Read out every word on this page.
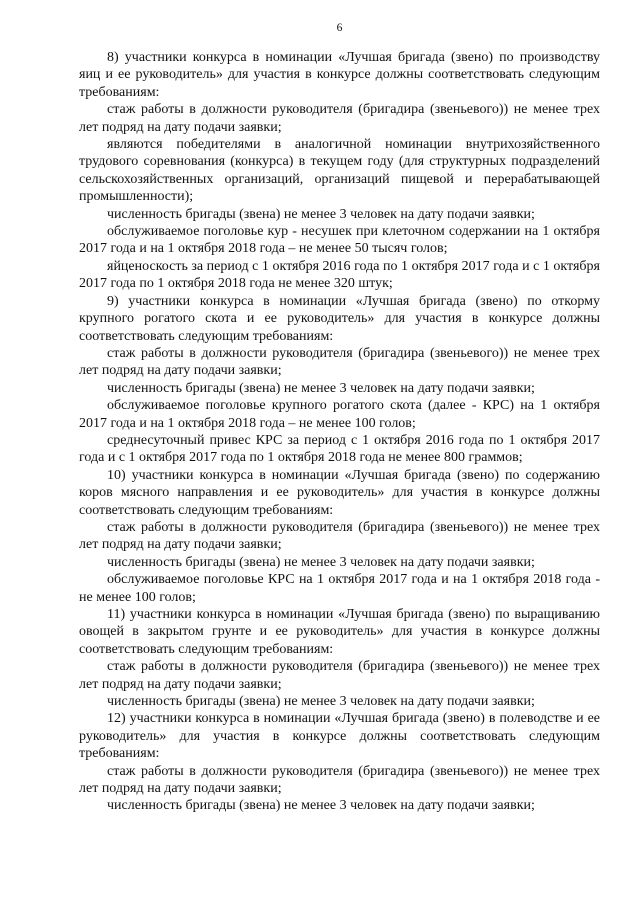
6

8) участники конкурса в номинации «Лучшая бригада (звено) по производству яиц и ее руководитель» для участия в конкурсе должны соответствовать следующим требованиям:

стаж работы в должности руководителя (бригадира (звеньевого)) не менее трех лет подряд на дату подачи заявки;

являются победителями в аналогичной номинации внутрихозяйственного трудового соревнования (конкурса) в текущем году (для структурных подразделений сельскохозяйственных организаций, организаций пищевой и перерабатывающей промышленности);

численность бригады (звена) не менее 3 человек на дату подачи заявки;

обслуживаемое поголовье кур - несушек при клеточном содержании на 1 октября 2017 года и на 1 октября 2018 года – не менее 50 тысяч голов;

яйценоскость за период с 1 октября 2016 года по 1 октября 2017 года и с 1 октября 2017 года по 1 октября 2018 года не менее 320 штук;

9) участники конкурса в номинации «Лучшая бригада (звено) по откорму крупного рогатого скота и ее руководитель» для участия в конкурсе должны соответствовать следующим требованиям:

стаж работы в должности руководителя (бригадира (звеньевого)) не менее трех лет подряд на дату подачи заявки;

численность бригады (звена) не менее 3 человек на дату подачи заявки;

обслуживаемое поголовье крупного рогатого скота (далее - КРС) на 1 октября 2017 года и на 1 октября 2018 года – не менее 100 голов;

среднесуточный привес КРС за период с 1 октября 2016 года по 1 октября 2017 года и с 1 октября 2017 года по 1 октября 2018 года не менее 800 граммов;

10) участники конкурса в номинации «Лучшая бригада (звено) по содержанию коров мясного направления и ее руководитель» для участия в конкурсе должны соответствовать следующим требованиям:

стаж работы в должности руководителя (бригадира (звеньевого)) не менее трех лет подряд на дату подачи заявки;

численность бригады (звена) не менее 3 человек на дату подачи заявки;

обслуживаемое поголовье КРС на 1 октября 2017 года и на 1 октября 2018 года - не менее 100 голов;

11) участники конкурса в номинации «Лучшая бригада (звено) по выращиванию овощей в закрытом грунте и ее руководитель» для участия в конкурсе должны соответствовать следующим требованиям:

стаж работы в должности руководителя (бригадира (звеньевого)) не менее трех лет подряд на дату подачи заявки;

численность бригады (звена) не менее 3 человек на дату подачи заявки;

12) участники конкурса в номинации «Лучшая бригада (звено) в полеводстве и ее руководитель» для участия в конкурсе должны соответствовать следующим требованиям:

стаж работы в должности руководителя (бригадира (звеньевого)) не менее трех лет подряд на дату подачи заявки;

численность бригады (звена) не менее 3 человек на дату подачи заявки;
